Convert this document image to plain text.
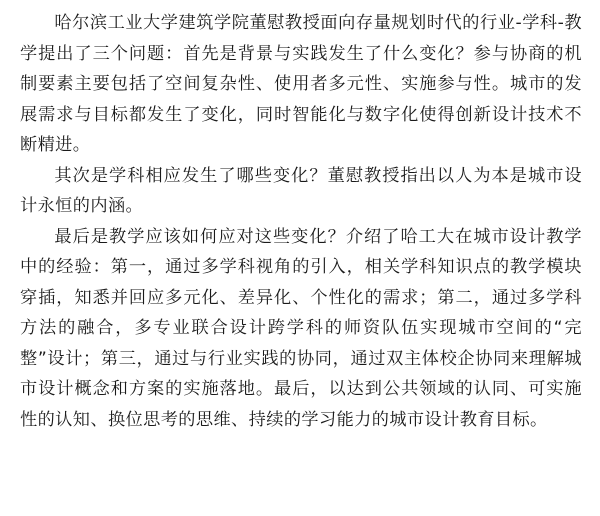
哈尔滨工业大学建筑学院董慰教授面向存量规划时代的行业-学科-教学提出了三个问题：首先是背景与实践发生了什么变化？参与协商的机制要素主要包括了空间复杂性、使用者多元性、实施参与性。城市的发展需求与目标都发生了变化，同时智能化与数字化使得创新设计技术不断精进。

其次是学科相应发生了哪些变化？董慰教授指出以人为本是城市设计永恒的内涵。

最后是教学应该如何应对这些变化？介绍了哈工大在城市设计教学中的经验：第一，通过多学科视角的引入，相关学科知识点的教学模块穿插，知悉并回应多元化、差异化、个性化的需求；第二，通过多学科方法的融合，多专业联合设计跨学科的师资队伍实现城市空间的“完整”设计；第三，通过与行业实践的协同，通过双主体校企协同来理解城市设计概念和方案的实施落地。最后，以达到公共领域的认同、可实施性的认知、换位思考的思维、持续的学习能力的城市设计教育目标。
